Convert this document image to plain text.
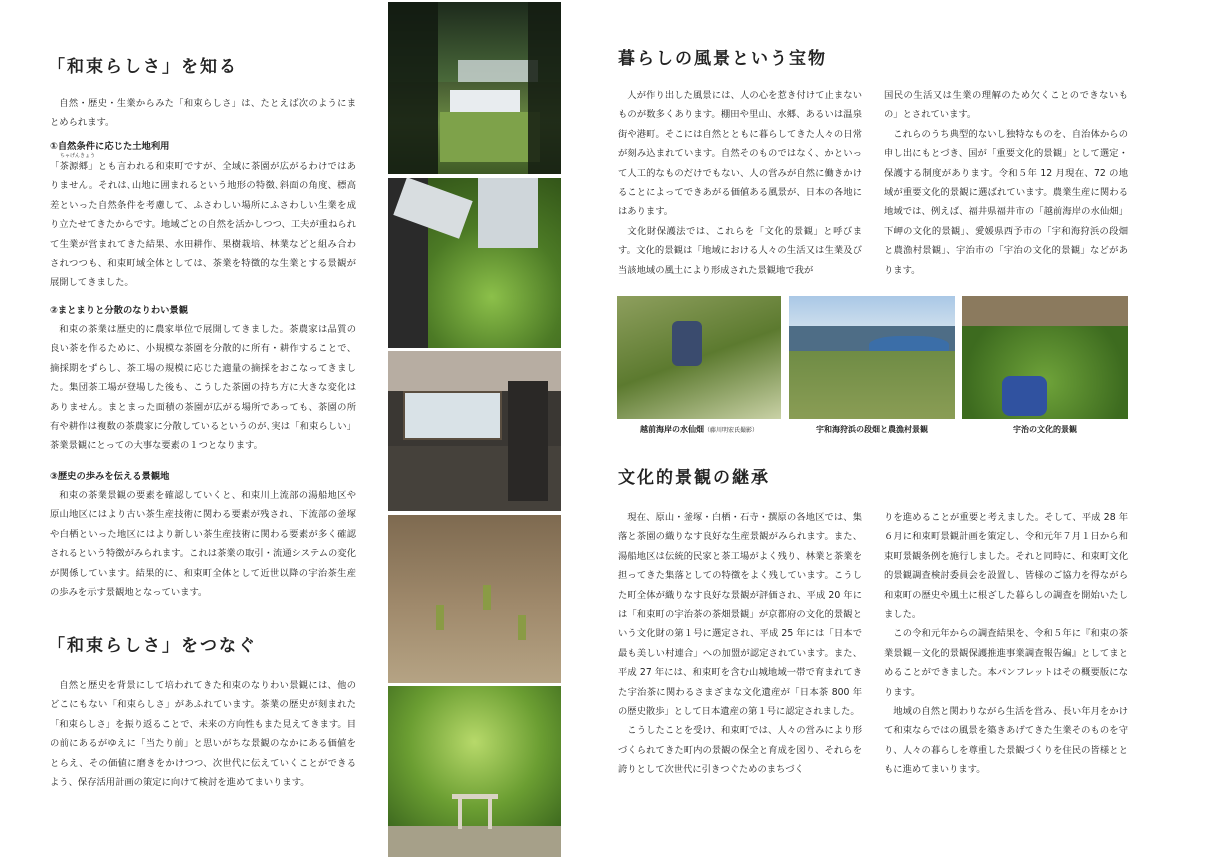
「和束らしさ」を知る

自然・歴史・生業からみた「和束らしさ」は、たとえば次のようにまとめられます。

①自然条件に応じた土地利用

ちゃげんきょう

「茶源郷」とも言われる和束町ですが、全域に茶園が広がるわけではありません。それは､山地に囲まれるという地形の特徴､斜面の角度、標高差といった自然条件を考慮して、ふさわしい場所にふさわしい生業を成り立たせてきたからです。地域ごとの自然を活かしつつ、工夫が重ねられて生業が営まれてきた結果、水田耕作、果樹栽培、林業などと組み合わされつつも、和束町域全体としては、茶業を特徴的な生業とする景観が展開してきました。

②まとまりと分散のなりわい景観

和束の茶業は歴史的に農家単位で展開してきました。茶農家は品質の良い茶を作るために、小規模な茶園を分散的に所有・耕作することで、摘採期をずらし、茶工場の規模に応じた適量の摘採をおこなってきました。集団茶工場が登場した後も、こうした茶園の持ち方に大きな変化はありません。まとまった面積の茶園が広がる場所であっても、茶園の所有や耕作は複数の茶農家に分散しているというのが､実は「和束らしい」茶業景観にとっての大事な要素の１つとなります。

③歴史の歩みを伝える景観地

和束の茶業景観の要素を確認していくと、和束川上流部の湯船地区や原山地区にはより古い茶生産技術に関わる要素が残され、下流部の釜塚や白栖といった地区にはより新しい茶生産技術に関わる要素が多く確認されるという特徴がみられます。これは茶業の取引・流通システムの変化が関係しています。結果的に、和束町全体として近世以降の宇治茶生産の歩みを示す景観地となっています。

「和束らしさ」をつなぐ

自然と歴史を背景にして培われてきた和束のなりわい景観には、他のどこにもない「和束らしさ」があふれています。茶業の歴史が刻まれた「和束らしさ」を振り返ることで、未来の方向性もまた見えてきます。目の前にあるがゆえに「当たり前」と思いがちな景観のなかにある価値をとらえ、その価値に磨きをかけつつ、次世代に伝えていくことができるよう、保存活用計画の策定に向けて検討を進めてまいります。

暮らしの風景という宝物

人が作り出した風景には、人の心を惹き付けて止まないものが数多くあります。棚田や里山、水郷、あるいは温泉街や港町。そこには自然とともに暮らしてきた人々の日常が刻み込まれています。自然そのものではなく、かといって人工的なものだけでもない、人の営みが自然に働きかけることによってできあがる価値ある風景が、日本の各地にはあります。

文化財保護法では、これらを「文化的景観」と呼びます。文化的景観は「地域における人々の生活又は生業及び当該地域の風土により形成された景観地で我が

国民の生活又は生業の理解のため欠くことのできないもの」とされています。

これらのうち典型的ないし独特なものを、自治体からの申し出にもとづき、国が「重要文化的景観」として選定・保護する制度があります。令和５年 12 月現在、72 の地域が重要文化的景観に選ばれています。農業生産に関わる地域では、例えば、福井県福井市の「越前海岸の水仙畑」下岬の文化的景観」、愛媛県西予市の「宇和海狩浜の段畑と農漁村景観」、宇治市の「宇治の文化的景観」などがあります。

越前海岸の水仙畑（藤川明宏氏撮影）	宇和海狩浜の段畑と農漁村景観	宇治の文化的景観
文化的景観の継承

現在、原山・釜塚・白栖・石寺・撰原の各地区では、集落と茶園の織りなす良好な生産景観がみられます。また、湯船地区は伝統的民家と茶工場がよく残り、林業と茶業を担ってきた集落としての特徴をよく残しています。こうした町全体が織りなす良好な景観が評価され、平成 20 年には「和束町の宇治茶の茶畑景観」が京都府の文化的景観という文化財の第１号に選定され、平成 25 年には「日本で最も美しい村連合」への加盟が認定されています。また、平成 27 年には、和束町を含む山城地域一帯で育まれてきた宇治茶に関わるさまざまな文化遺産が「日本茶 800 年の歴史散歩」として日本遺産の第１号に認定されました。

こうしたことを受け、和束町では、人々の営みにより形づくられてきた町内の景観の保全と育成を図り、それらを誇りとして次世代に引きつぐためのまちづく

りを進めることが重要と考えました。そして、平成 28 年６月に和束町景観計画を策定し、令和元年７月１日から和束町景観条例を施行しました。それと同時に、和束町文化的景観調査検討委員会を設置し、皆様のご協力を得ながら和束町の歴史や風土に根ざした暮らしの調査を開始いたしました。

この令和元年からの調査結果を、令和５年に『和束の茶業景観－文化的景観保護推進事業調査報告編』としてまとめることができました。本パンフレットはその概要版になります。

地域の自然と関わりながら生活を営み、長い年月をかけて和束ならではの風景を築きあげてきた生業そのものを守り、人々の暮らしを尊重した景観づくりを住民の皆様とともに進めてまいります。
